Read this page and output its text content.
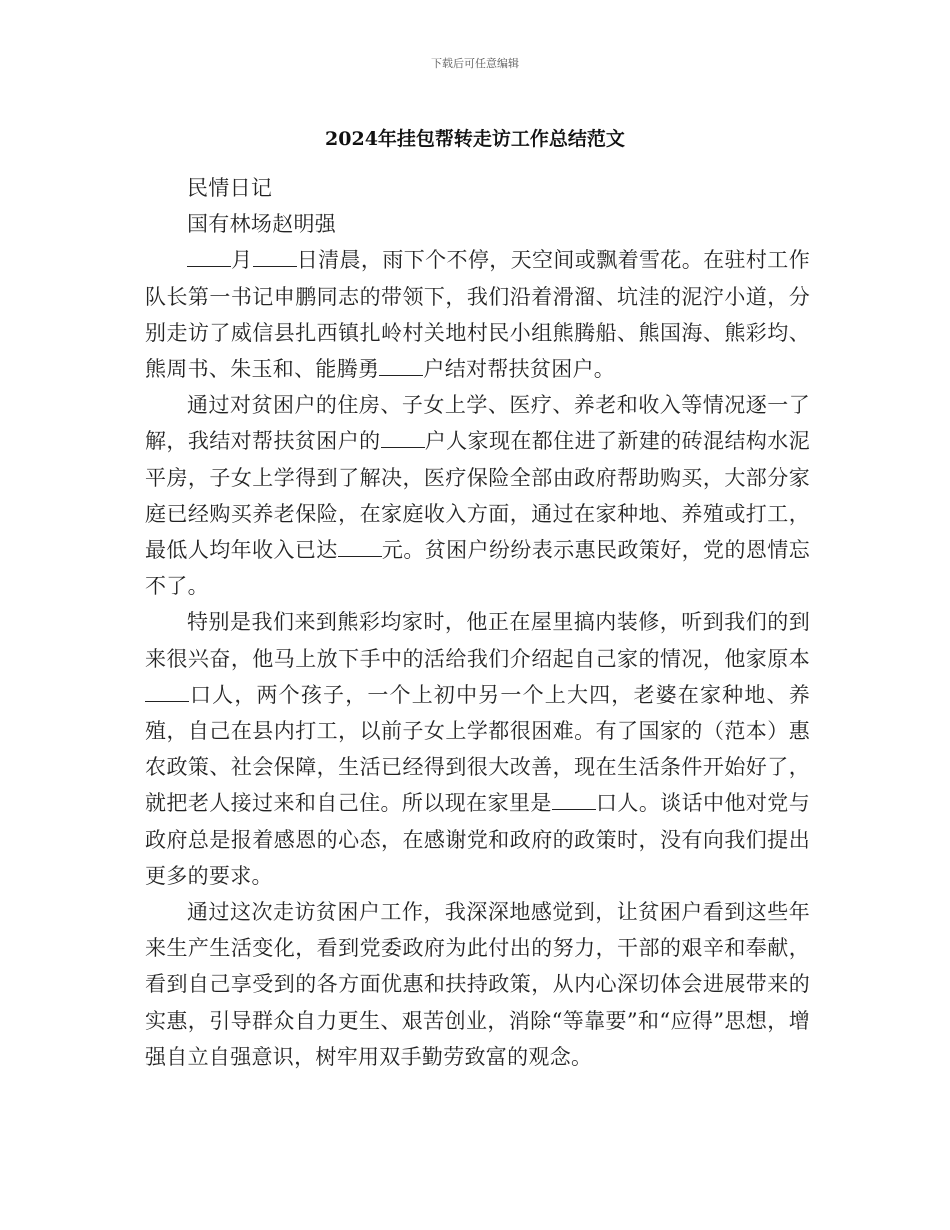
下载后可任意编辑
2024年挂包帮转走访工作总结范文

民情日记

国有林场赵明强

月 日清晨，雨下个不停，天空间或飘着雪花。在驻村工作队长第一书记申鹏同志的带领下，我们沿着滑溜、坑洼的泥泞小道，分别走访了威信县扎西镇扎岭村关地村民小组熊腾船、熊国海、熊彩均、熊周书、朱玉和、能腾勇 户结对帮扶贫困户。

通过对贫困户的住房、子女上学、医疗、养老和收入等情况逐一了解，我结对帮扶贫困户的 户人家现在都住进了新建的砖混结构水泥平房，子女上学得到了解决，医疗保险全部由政府帮助购买，大部分家庭已经购买养老保险，在家庭收入方面，通过在家种地、养殖或打工，最低人均年收入已达 元。贫困户纷纷表示惠民政策好，党的恩情忘不了。

特别是我们来到熊彩均家时，他正在屋里搞内装修，听到我们的到来很兴奋，他马上放下手中的活给我们介绍起自己家的情况，他家原本口人，两个孩子，一个上初中另一个上大四，老婆在家种地、养殖，自己在县内打工，以前子女上学都很困难。有了国家的（范本）惠农政策、社会保障，生活已经得到很大改善，现在生活条件开始好了，就把老人接过来和自己住。所以现在家里是 口人。谈话中他对党与政府总是报着感恩的心态，在感谢党和政府的政策时，没有向我们提出更多的要求。

通过这次走访贫困户工作，我深深地感觉到，让贫困户看到这些年来生产生活变化，看到党委政府为此付出的努力，干部的艰辛和奉献，看到自己享受到的各方面优惠和扶持政策，从内心深切体会进展带来的实惠，引导群众自力更生、艰苦创业，消除“等靠要”和“应得”思想，增强自立自强意识，树牢用双手勤劳致富的观念。
